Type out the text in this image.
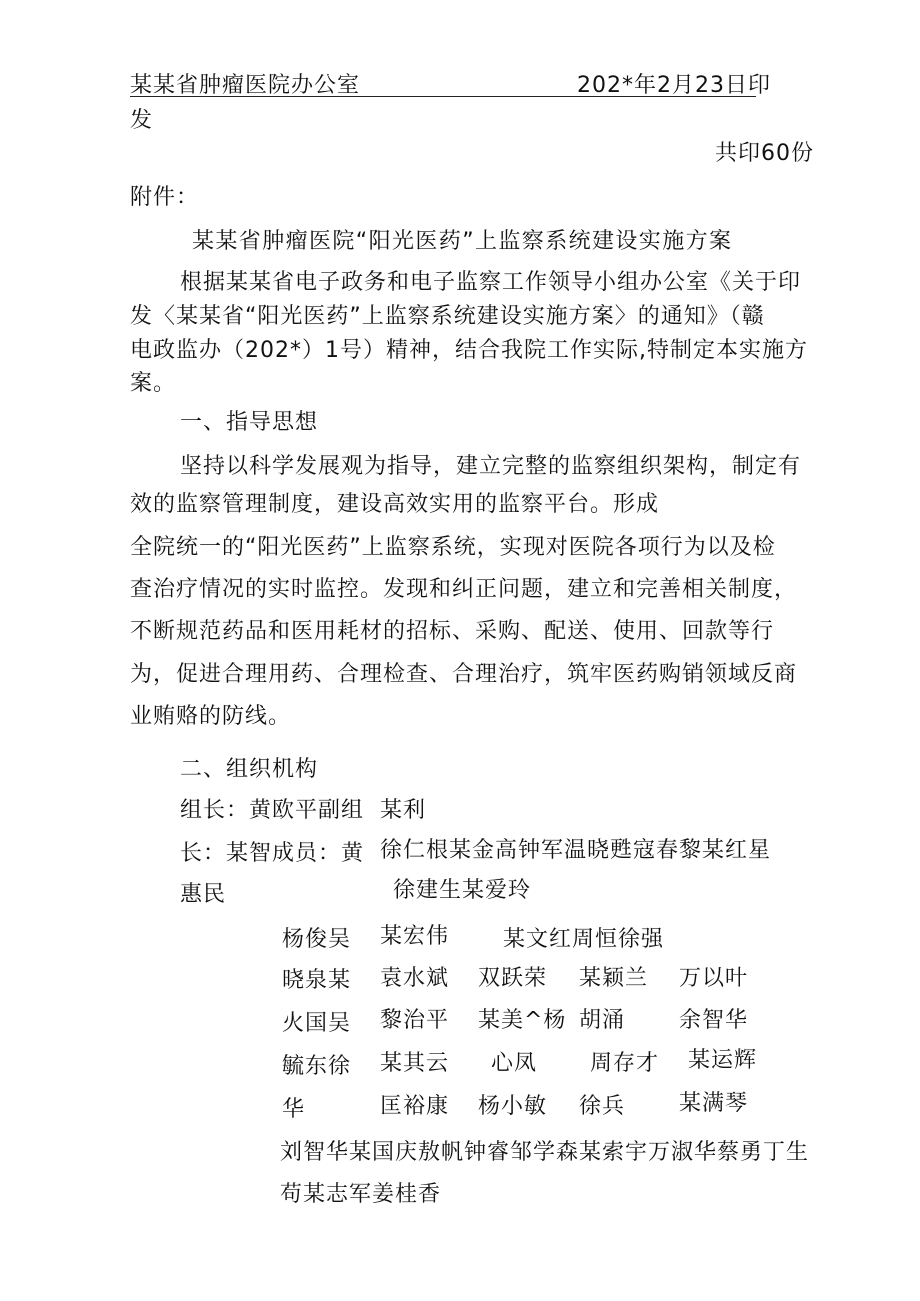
某某省肿瘤医院办公室	202*年2月23日印
发
共印60份
附件：
某某省肿瘤医院“阳光医药”上监察系统建设实施方案
根据某某省电子政务和电子监察工作领导小组办公室《关于印
发〈某某省“阳光医药”上监察系统建设实施方案〉的通知》（赣
电政监办（202*）1号）精神，结合我院工作实际,特制定本实施方
案。
一、指导思想
坚持以科学发展观为指导，建立完整的监察组织架构，制定有
效的监察管理制度，建设高效实用的监察平台。形成
全院统一的“阳光医药”上监察系统，实现对医院各项行为以及检
查治疗情况的实时监控。发现和纠正问题，建立和完善相关制度，
不断规范药品和医用耗材的招标、采购、配送、使用、回款等行
为，促进合理用药、合理检查、合理治疗，筑牢医药购销领域反商
业贿赂的防线。
二、组织机构
组长：黄欧平副组
长：某智成员：黄
惠民
某利
徐仁根某金高钟军温晓甦寇春黎某红星
徐建生某爱玲
杨俊吴 某宏伟 某文红周恒徐强
晓泉某 袁水斌 双跃荣 某颖兰 万以叶
火国吴 黎治平 某美^杨 胡涌 余智华
毓东徐 某其云 心凤 周存才 某运辉
华	匡裕康 杨小敏 徐兵 某满琴
刘智华某国庆敖帆钟睿邹学森某索宇万淑华蔡勇丁生
苟某志军姜桂香
